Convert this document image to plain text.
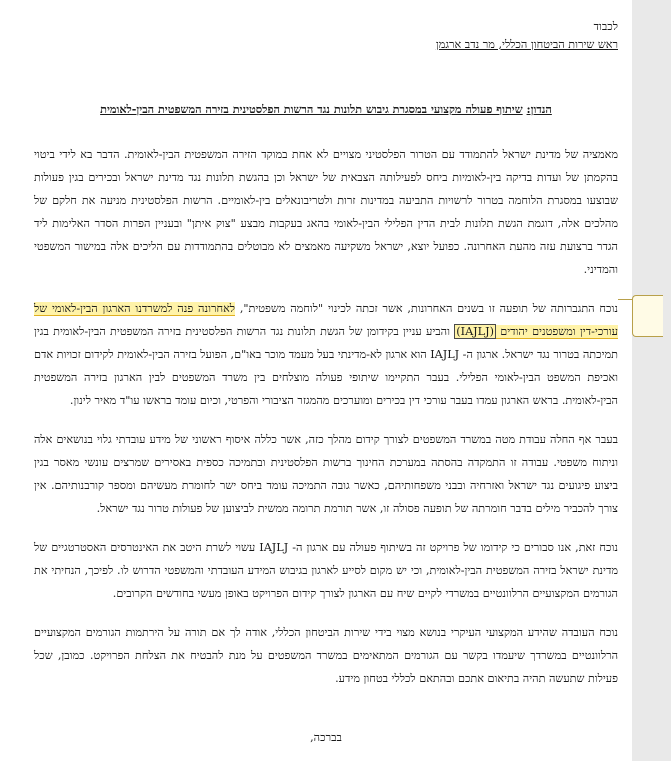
לכבוד
ראש שירות הביטחון הכללי, מר נדב ארגמן
הנדון: שיתוף פעולה מקצועי במסגרת גיבוש תלונות נגד הרשות הפלסטינית בזירה המשפטית הבין-לאומית

מאמציה של מדינת ישראל להתמודד עם הטרור הפלסטיני מצויים לא אחת במוקד הזירה המשפטית הבין-לאומית. הדבר בא לידי ביטוי בהקמתן של ועדות בדיקה בין-לאומיות ביחס לפעילותה הצבאית של ישראל וכן בהגשת תלונות נגד מדינת ישראל ובכירים בגין פעולות שבוצעו במסגרת הלוחמה בטרור לרשויות התביעה במדינות זרות ולטריבונאלים בין-לאומיים. הרשות הפלסטינית מניעה את חלקם של מהלכים אלה, דוגמת הגשת תלונות לבית הדין הפלילי הבין-לאומי בהאג בעקבות מבצע "צוק איתן" ובעניין הפרות הסדר האלימות ליד הגדר ברצועת עזה מהעת האחרונה. כפועל יוצא, ישראל משקיעה מאמצים לא מבוטלים בהתמודדות עם הליכים אלה במישור המשפטי והמדיני.

נוכח התגברותה של תופעה זו בשנים האחרונות, אשר זכתה לכינוי "לוחמה משפטית", לאחרונה פנה למשרדנו הארגון הבין-לאומי של עורכי-דין ומשפטנים יהודים (IAJLJ) והביע עניין בקידומן של הגשת תלונות נגד הרשות הפלסטינית בזירה המשפטית הבין-לאומית בגין תמיכתה בטרור נגד ישראל. ארגון ה- IAJLJ הוא ארגון לא-מדינתי בעל מעמד מוכר באו"ם, הפועל בזירה הבין-לאומית לקידום זכויות אדם ואכיפת המשפט הבין-לאומי הפלילי. בעבר התקיימו שיתופי פעולה מוצלחים בין משרד המשפטים לבין הארגון בזירה המשפטית הבין-לאומית. בראש הארגון עמדו בעבר עורכי דין בכירים ומוערכים מהמגזר הציבורי והפרטי, וכיום עומד בראשו עו"ד מאיר לינון.

בעבר אף החלה עבודת מטה במשרד המשפטים לצורך קידום מהלך כזה, אשר כללה איסוף ראשוני של מידע עובדתי גלוי בנושאים אלה וניתוח משפטי. עבודה זו התמקדה בהסתה במערכת החינוך ברשות הפלסטינית ובתמיכה כספית באסירים שמרצים עונשי מאסר בגין ביצוע פיגועים נגד ישראל ואזרחיה ובבני משפחותיהם, כאשר גובה התמיכה עומד ביחס ישר לחומרת מעשיהם ומספר קורבנותיהם. אין צורך להכביר מילים בדבר חומרתה של תופעה פסולה זו, אשר תורמת תרומה ממשית לביצוען של פעולות טרור נגד ישראל.

נוכח זאת, אנו סבורים כי קידומו של פרויקט זה בשיתוף פעולה עם ארגון ה- IAJLJ עשוי לשרת היטב את האינטרסים האסטרטגיים של מדינת ישראל בזירה המשפטית הבין-לאומית, וכי יש מקום לסייע לארגון בגיבוש המידע העובדתי והמשפטי הדרוש לו. לפיכך, הנחיתי את הגורמים המקצועיים הרלוונטיים במשרדי לקיים שיח עם הארגון לצורך קידום הפרויקט באופן מעשי בחודשים הקרובים.

נוכח העובדה שהידע המקצועי העיקרי בנושא מצוי בידי שירות הביטחון הכללי, אודה לך אם תורה על הירתמות הגורמים המקצועיים הרלוונטיים במשרדך שיעמדו בקשר עם הגורמים המתאימים במשרד המשפטים על מנת להבטיח את הצלחת הפרויקט. כמובן, שכל פעילות שתעשה תהיה בתיאום אתכם ובהתאם לכללי בטחון מידע.

בברכה,
